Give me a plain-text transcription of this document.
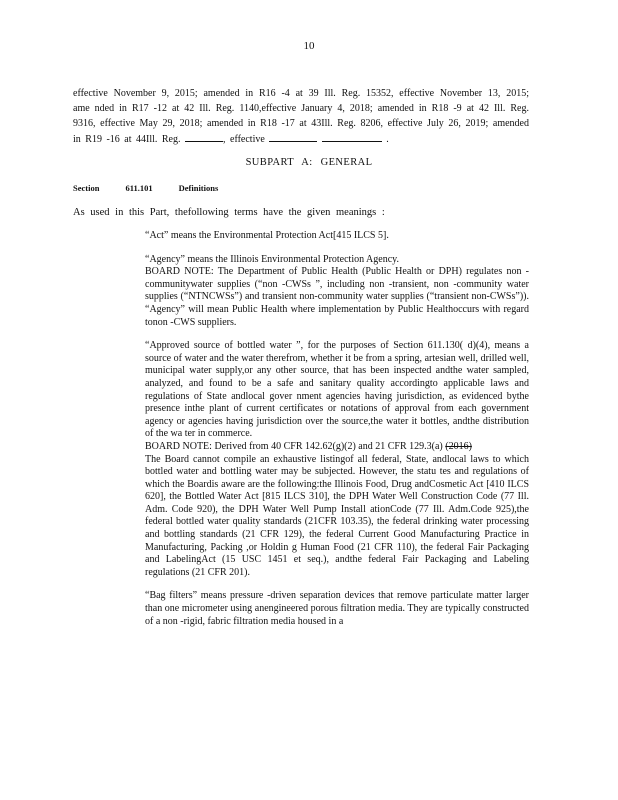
10
effective November 9, 2015; amended in R16 -4 at 39 Ill. Reg. 15352, effective November 13, 2015; ame nded in R17 -12 at 42 Ill. Reg. 1140,effective January 4, 2018; amended in R18 -9 at 42 Ill. Reg. 9316, effective May 29, 2018; amended in R18 -17 at 43Ill. Reg. 8206, effective July 26, 2019; amended in R19 -16 at 44Ill. Reg.	, effective	.
SUBPART A: GENERAL
Section	611.101	Definitions
As used in this Part, thefollowing terms have the given meanings :

“Act” means the Environmental Protection Act[415 ILCS 5].

“Agency” means the Illinois Environmental Protection Agency.
BOARD NOTE: The Department of Public Health (Public Health or DPH) regulates non -communitywater supplies (“non -CWSs ”, including non -transient, non -community water supplies (“NTNCWSs”) and transient non-community water supplies (“transient non-CWSs”)). “Agency” will mean Public Health where implementation by Public Healthoccurs with regard tonon -CWS suppliers.

“Approved source of bottled water ”, for the purposes of Section 611.130( d)(4), means a source of water and the water therefrom, whether it be from a spring, artesian well, drilled well, municipal water supply,or any other source, that has been inspected andthe water sampled, analyzed, and found to be a safe and sanitary quality accordingto applicable laws and regulations of State andlocal gover nment agencies having jurisdiction, as evidenced bythe presence inthe plant of current certificates or notations of approval from each government agency or agencies having jurisdiction over the source,the water it bottles, andthe distribution of the wa ter in commerce.
BOARD NOTE: Derived from 40 CFR 142.62(g)(2) and 21 CFR 129.3(a) (2016)
The Board cannot compile an exhaustive listingof all federal, State, andlocal laws to which bottled water and bottling water may be subjected. However, the statu tes and regulations of which the Boardis aware are the following:the Illinois Food, Drug andCosmetic Act [410 ILCS 620], the Bottled Water Act [815 ILCS 310], the DPH Water Well Construction Code (77 Ill. Adm. Code 920), the DPH Water Well Pump Install ationCode (77 Ill. Adm.Code 925),the federal bottled water quality standards (21CFR 103.35), the federal drinking water processing and bottling standards (21 CFR 129), the federal Current Good Manufacturing Practice in Manufacturing, Packing ,or Holdin g Human Food (21 CFR 110), the federal Fair Packaging and LabelingAct (15 USC 1451 et seq.), andthe federal Fair Packaging and Labeling regulations (21 CFR 201).

“Bag filters” means pressure -driven separation devices that remove particulate matter larger than one micrometer using anengineered porous filtration media. They are typically constructed of a non -rigid, fabric filtration media housed in a
